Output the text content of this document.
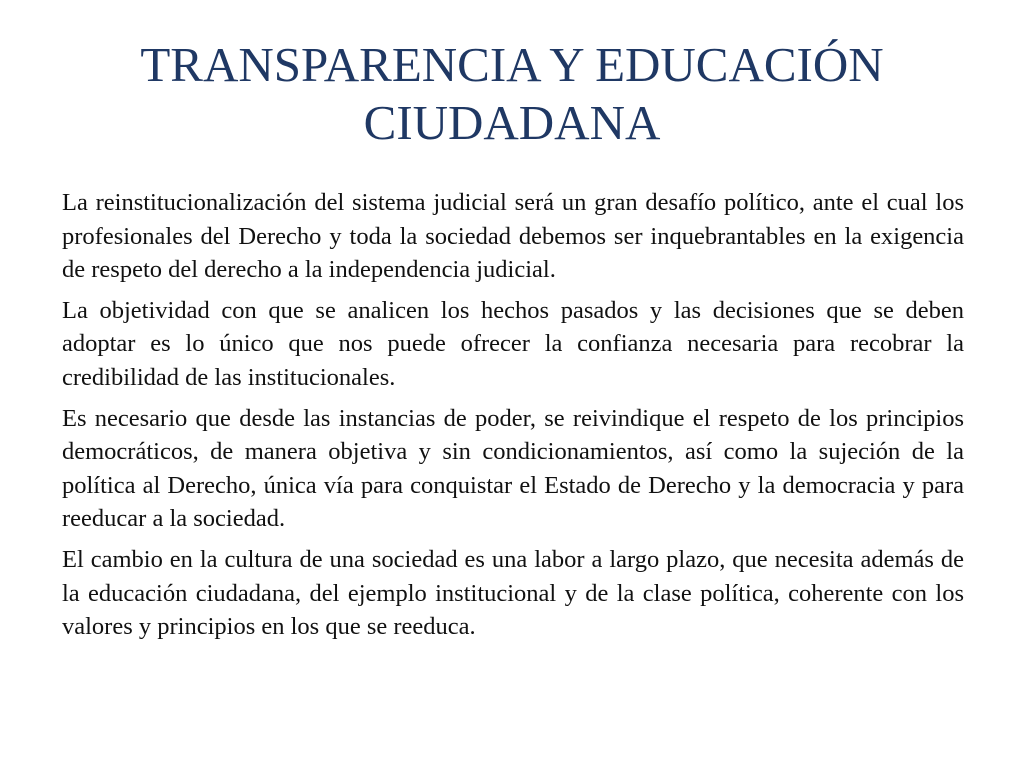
TRANSPARENCIA Y EDUCACIÓN
CIUDADANA

La reinstitucionalización del sistema judicial será un gran desafío político, ante el cual los profesionales del Derecho y toda la sociedad debemos ser inquebrantables en la exigencia de respeto del derecho a la independencia judicial.

La objetividad con que se analicen los hechos pasados y las decisiones que se deben adoptar es lo único que nos puede ofrecer la confianza necesaria para recobrar la credibilidad de las institucionales.

Es necesario que desde las instancias de poder, se reivindique el respeto de los principios democráticos, de manera objetiva y sin condicionamientos, así como la sujeción de la política al Derecho, única vía para conquistar el Estado de Derecho y la democracia y para reeducar a la sociedad.

El cambio en la cultura de una sociedad es una labor a largo plazo, que necesita además de la educación ciudadana, del ejemplo institucional y de la clase política, coherente con los valores y principios en los que se reeduca.
